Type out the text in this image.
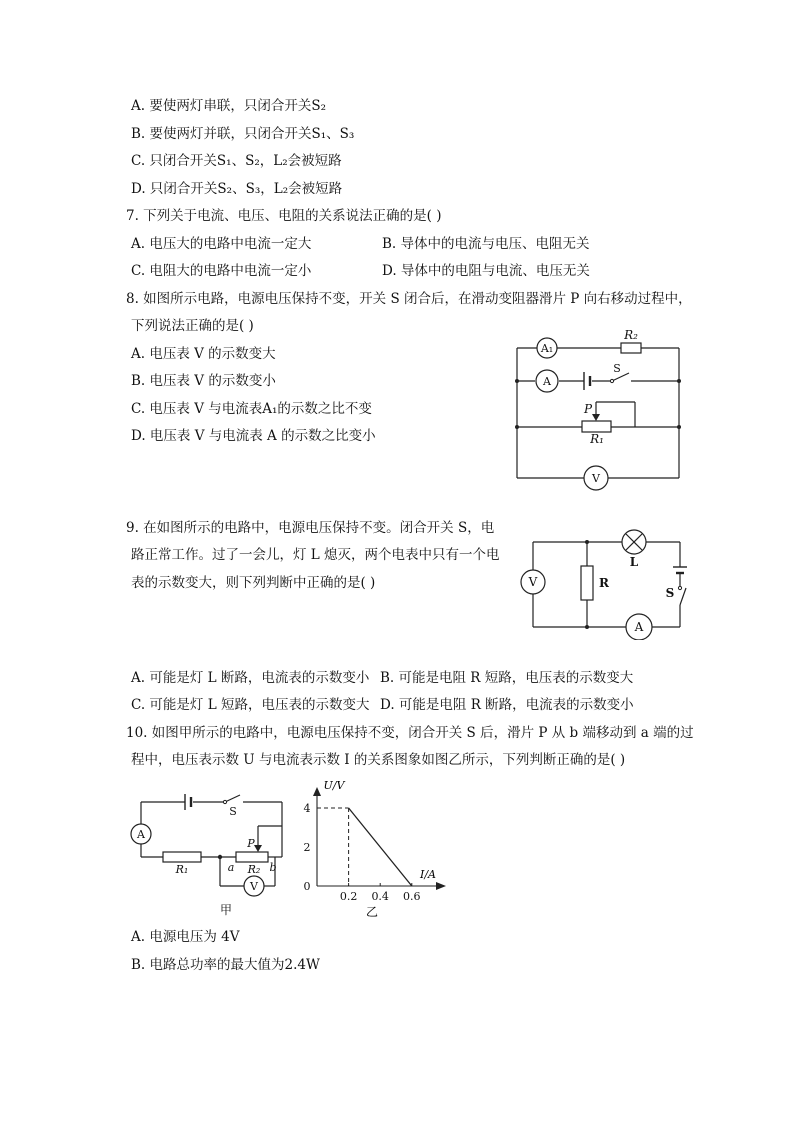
A. 要使两灯串联，只闭合开关S₂
B. 要使两灯并联，只闭合开关S₁、S₃
C. 只闭合开关S₁、S₂，L₂会被短路
D. 只闭合开关S₂、S₃，L₂会被短路
7. 下列关于电流、电压、电阻的关系说法正确的是( )
A. 电压大的电路中电流一定大	B. 导体中的电流与电压、电阻无关
C. 电阻大的电路中电流一定小	D. 导体中的电阻与电流、电压无关
8. 如图所示电路，电源电压保持不变，开关 S 闭合后，在滑动变阻器滑片 P 向右移动过程中，
下列说法正确的是( )
A. 电压表 V 的示数变大
B. 电压表 V 的示数变小
C. 电压表 V 与电流表A₁的示数之比不变
D. 电压表 V 与电流表 A 的示数之比变小
A₁
A
V
R₂
R₁
S
P
9. 在如图所示的电路中，电源电压保持不变。闭合开关 S，电
路正常工作。过了一会儿，灯 L 熄灭，两个电表中只有一个电
表的示数变大，则下列判断中正确的是( )	V	R
L
S
A
A. 可能是灯 L 断路，电流表的示数变小 B. 可能是电阻 R 短路，电压表的示数变大
C. 可能是灯 L 短路，电压表的示数变大 D. 可能是电阻 R 断路，电流表的示数变小
10. 如图甲所示的电路中，电源电压保持不变，闭合开关 S 后，滑片 P 从 b 端移动到 a 端的过
程中，电压表示数 U 与电流表示数 I 的关系图象如图乙所示，下列判断正确的是( )
S
A
V
R₁	R₂
P
a	b
甲
0
2
4
0.2 0.4 0.6
U/V
I/A
乙
A. 电源电压为 4V
B. 电路总功率的最大值为2.4W
